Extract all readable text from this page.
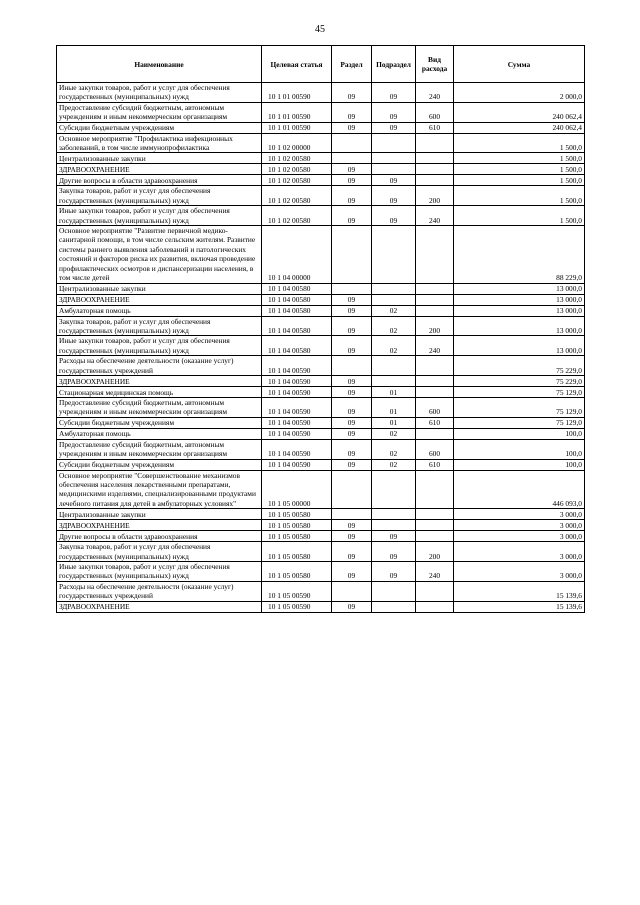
45
Наименование	Целевая статья	Раздел	Подраздел	Вид расхода	Сумма
Иные закупки товаров, работ и услуг для обеспечения государственных (муниципальных) нужд	10 1 01 00590	09	09	240	2 000,0
Предоставление субсидий бюджетным, автономным учреждениям и иным некоммерческим организациям	10 1 01 00590	09	09	600	240 062,4
Субсидии бюджетным учреждениям	10 1 01 00590	09	09	610	240 062,4
Основное мероприятие "Профилактика инфекционных заболеваний, в том числе иммунопрофилактика	10 1 02 00000				1 500,0
Централизованные закупки	10 1 02 00580				1 500,0
ЗДРАВООХРАНЕНИЕ	10 1 02 00580	09			1 500,0
Другие вопросы в области здравоохранения	10 1 02 00580	09	09		1 500,0
Закупка товаров, работ и услуг для обеспечения государственных (муниципальных) нужд	10 1 02 00580	09	09	200	1 500,0
Иные закупки товаров, работ и услуг для обеспечения государственных (муниципальных) нужд	10 1 02 00580	09	09	240	1 500,0
Основное мероприятие "Развитие первичной медико-санитарной помощи, в том числе сельским жителям. Развитие системы раннего выявления заболеваний и патологических состояний и факторов риска их развития, включая проведение профилактических осмотров и диспансеризации населения, в том числе детей	10 1 04 00000				88 229,0
Централизованные закупки	10 1 04 00580				13 000,0
ЗДРАВООХРАНЕНИЕ	10 1 04 00580	09			13 000,0
Амбулаторная помощь	10 1 04 00580	09	02		13 000,0
Закупка товаров, работ и услуг для обеспечения государственных (муниципальных) нужд	10 1 04 00580	09	02	200	13 000,0
Иные закупки товаров, работ и услуг для обеспечения государственных (муниципальных) нужд	10 1 04 00580	09	02	240	13 000,0
Расходы на обеспечение деятельности (оказание услуг) государственных учреждений	10 1 04 00590				75 229,0
ЗДРАВООХРАНЕНИЕ	10 1 04 00590	09			75 229,0
Стационарная медицинская помощь	10 1 04 00590	09	01		75 129,0
Предоставление субсидий бюджетным, автономным учреждениям и иным некоммерческим организациям	10 1 04 00590	09	01	600	75 129,0
Субсидии бюджетным учреждениям	10 1 04 00590	09	01	610	75 129,0
Амбулаторная помощь	10 1 04 00590	09	02		100,0
Предоставление субсидий бюджетным, автономным учреждениям и иным некоммерческим организациям	10 1 04 00590	09	02	600	100,0
Субсидии бюджетным учреждениям	10 1 04 00590	09	02	610	100,0
Основное мероприятие "Совершенствование механизмов обеспечения населения лекарственными препаратами, медицинскими изделиями, специализированными продуктами лечебного питания для детей в амбулаторных условиях"	10 1 05 00000				446 093,0
Централизованные закупки	10 1 05 00580				3 000,0
ЗДРАВООХРАНЕНИЕ	10 1 05 00580	09			3 000,0
Другие вопросы в области здравоохранения	10 1 05 00580	09	09		3 000,0
Закупка товаров, работ и услуг для обеспечения государственных (муниципальных) нужд	10 1 05 00580	09	09	200	3 000,0
Иные закупки товаров, работ и услуг для обеспечения государственных (муниципальных) нужд	10 1 05 00580	09	09	240	3 000,0
Расходы на обеспечение деятельности (оказание услуг) государственных учреждений	10 1 05 00590				15 139,6
ЗДРАВООХРАНЕНИЕ	10 1 05 00590	09			15 139,6
